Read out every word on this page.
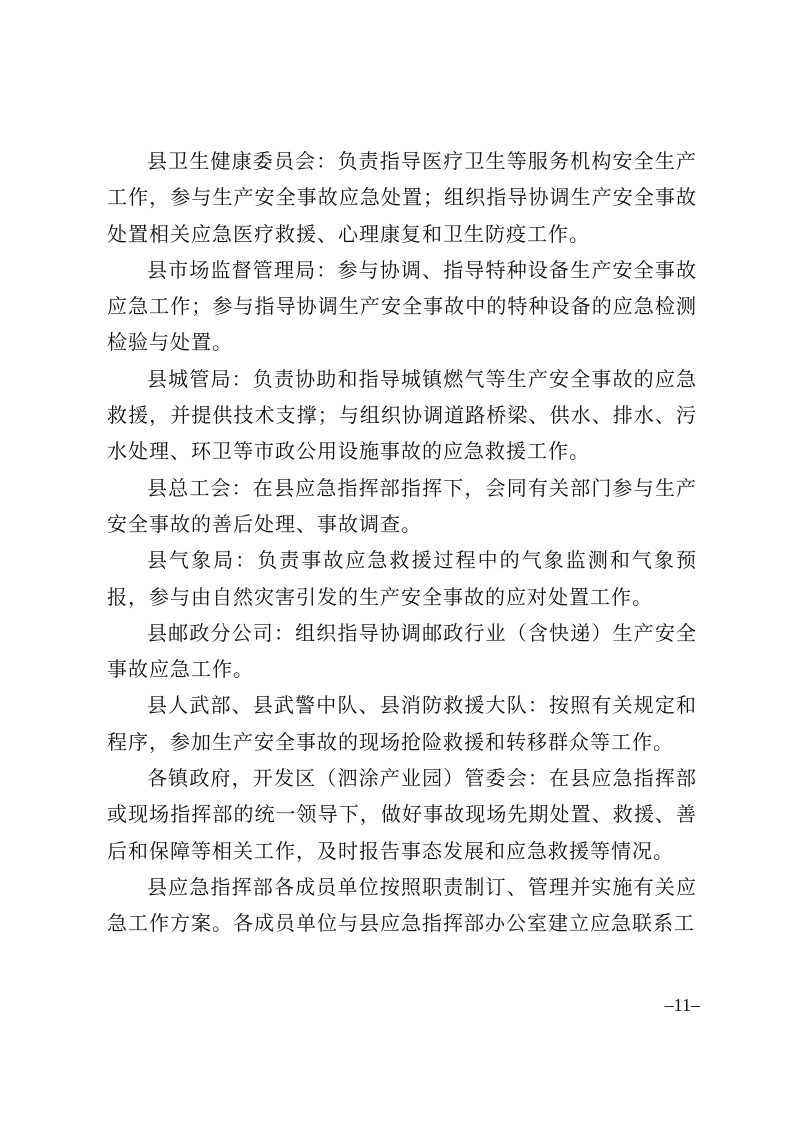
县卫生健康委员会：负责指导医疗卫生等服务机构安全生产工作，参与生产安全事故应急处置；组织指导协调生产安全事故处置相关应急医疗救援、心理康复和卫生防疫工作。

县市场监督管理局：参与协调、指导特种设备生产安全事故应急工作；参与指导协调生产安全事故中的特种设备的应急检测检验与处置。

县城管局：负责协助和指导城镇燃气等生产安全事故的应急救援，并提供技术支撑；与组织协调道路桥梁、供水、排水、污水处理、环卫等市政公用设施事故的应急救援工作。

县总工会：在县应急指挥部指挥下，会同有关部门参与生产安全事故的善后处理、事故调查。

县气象局：负责事故应急救援过程中的气象监测和气象预报，参与由自然灾害引发的生产安全事故的应对处置工作。

县邮政分公司：组织指导协调邮政行业（含快递）生产安全事故应急工作。

县人武部、县武警中队、县消防救援大队：按照有关规定和程序，参加生产安全事故的现场抢险救援和转移群众等工作。

各镇政府，开发区（泗涂产业园）管委会：在县应急指挥部或现场指挥部的统一领导下，做好事故现场先期处置、救援、善后和保障等相关工作，及时报告事态发展和应急救援等情况。

县应急指挥部各成员单位按照职责制订、管理并实施有关应急工作方案。各成员单位与县应急指挥部办公室建立应急联系工

–11–
